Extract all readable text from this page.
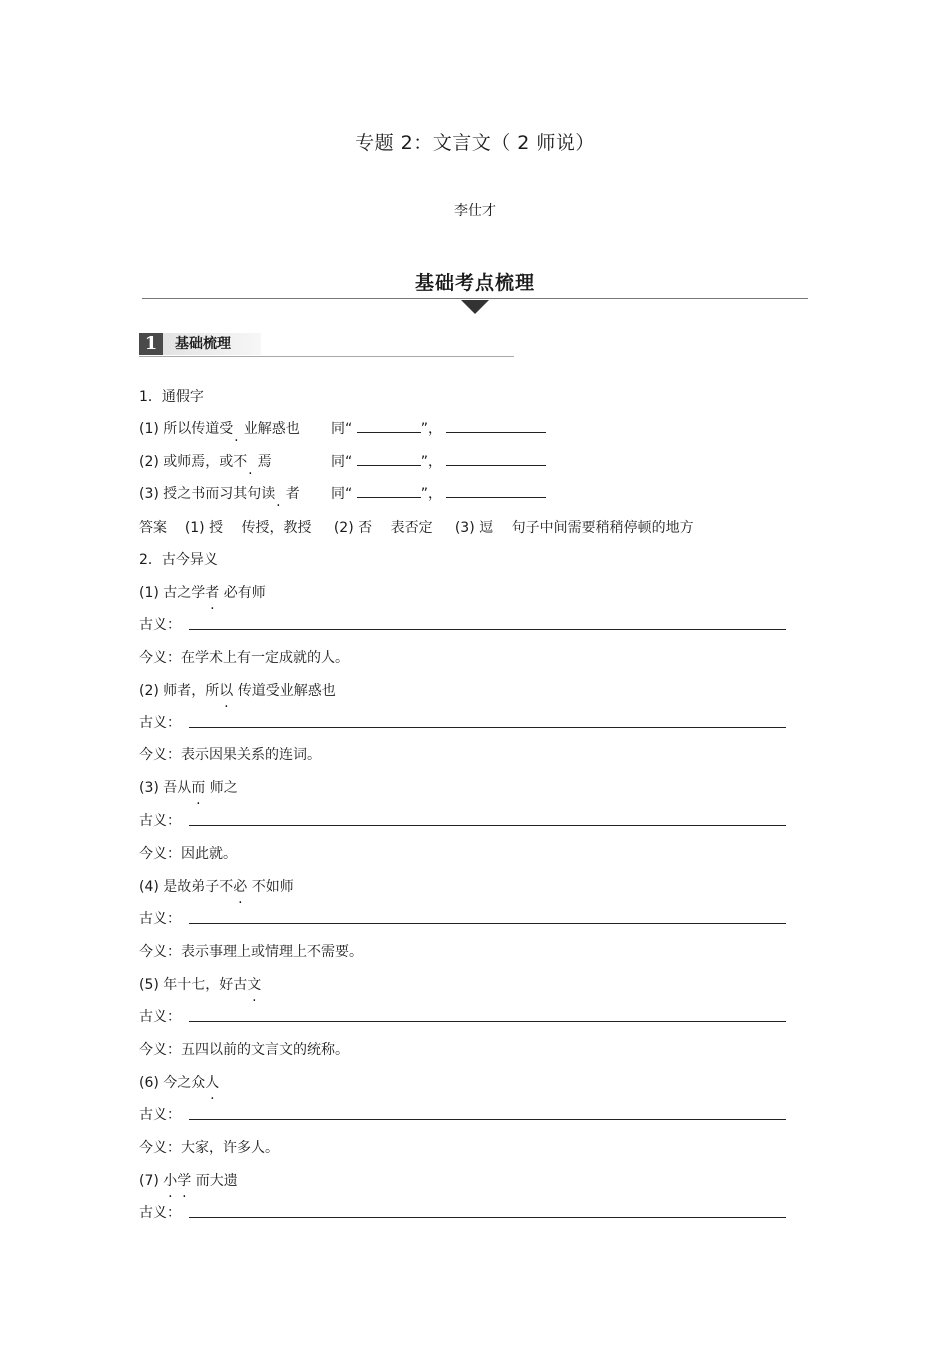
专题 2：文言文（ 2 师说）
李仕才
基础考点梳理
1	基础梳理
1．通假字
(1) 所以传道受 业解惑也 同“	”，
(2) 或师焉，或不 焉	同“	”，
(3) 授之书而习其句读 者 同“	”，
答案 (1) 授　 传授，教授 (2) 否　 表否定 (3) 逗　 句子中间需要稍稍停顿的地方
2．古今异义
(1) 古之学者 必有师
古义：
今义：在学术上有一定成就的人。
(2) 师者，所以 传道受业解惑也
古义：
今义：表示因果关系的连词。
(3) 吾从而 师之
古义：
今义：因此就。
(4) 是故弟子不必 不如师
古义：
今义：表示事理上或情理上不需要。
(5) 年十七，好古文
古义：
今义：五四以前的文言文的统称。
(6) 今之众人
古义：
今义：大家，许多人。
(7) 小学 而大遗
古义：
